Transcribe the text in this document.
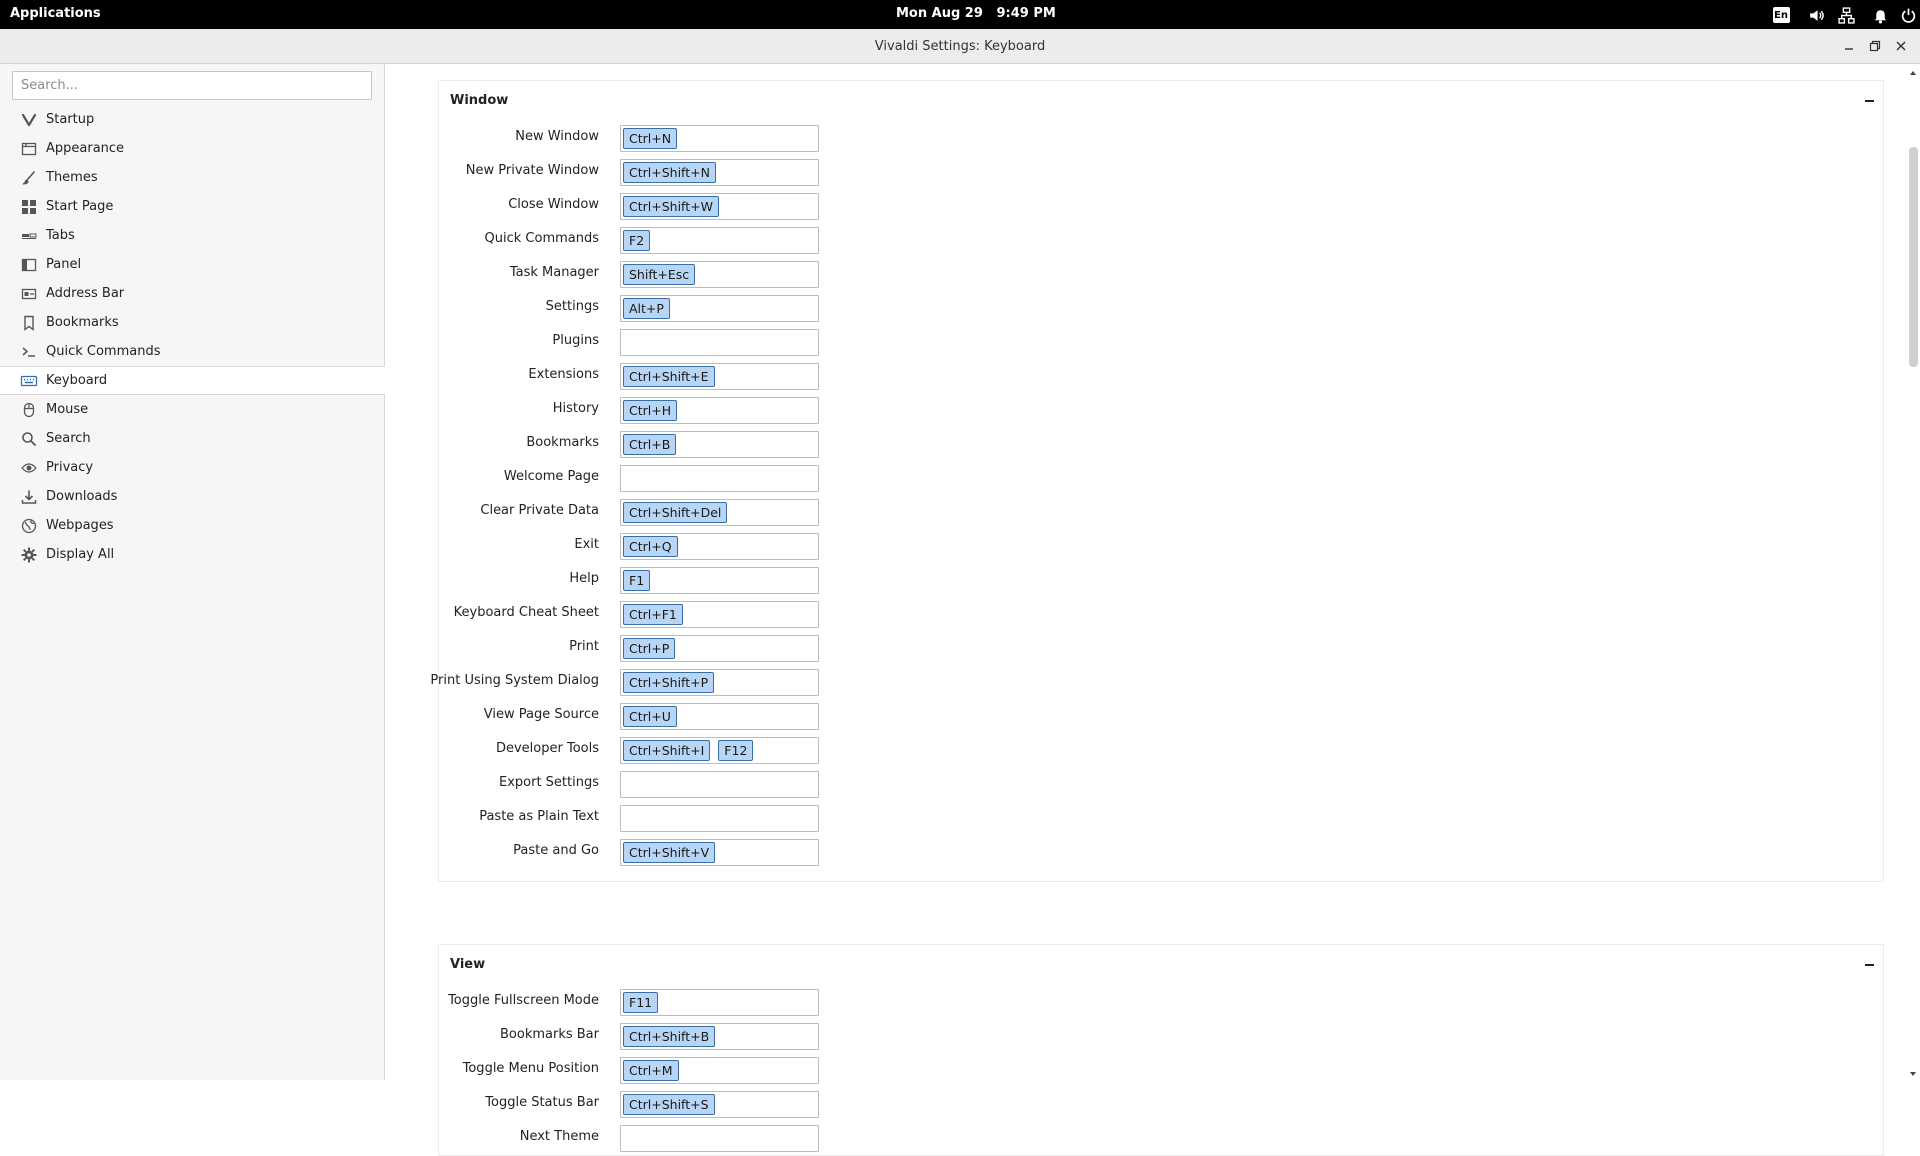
Applications	Mon Aug 29 9:49 PM	En
Vivaldi Settings: Keyboard
Search...
Startup
Appearance
Themes
Start Page
Tabs
Panel
Address Bar
Bookmarks
Quick Commands
Keyboard
Mouse
Search
Privacy
Downloads
Webpages
Display All
Window
New Window	Ctrl+N
New Private Window	Ctrl+Shift+N
Close Window	Ctrl+Shift+W
Quick Commands	F2
Task Manager	Shift+Esc
Settings	Alt+P
Plugins
Extensions	Ctrl+Shift+E
History	Ctrl+H
Bookmarks	Ctrl+B
Welcome Page
Clear Private Data	Ctrl+Shift+Del
Exit	Ctrl+Q
Help	F1
Keyboard Cheat Sheet	Ctrl+F1
Print	Ctrl+P
Print Using System Dialog	Ctrl+Shift+P
View Page Source	Ctrl+U
Developer Tools	Ctrl+Shift+I	F12
Export Settings
Paste as Plain Text
Paste and Go	Ctrl+Shift+V
View
Toggle Fullscreen Mode	F11
Bookmarks Bar	Ctrl+Shift+B
Toggle Menu Position	Ctrl+M
Toggle Status Bar	Ctrl+Shift+S
Next Theme
